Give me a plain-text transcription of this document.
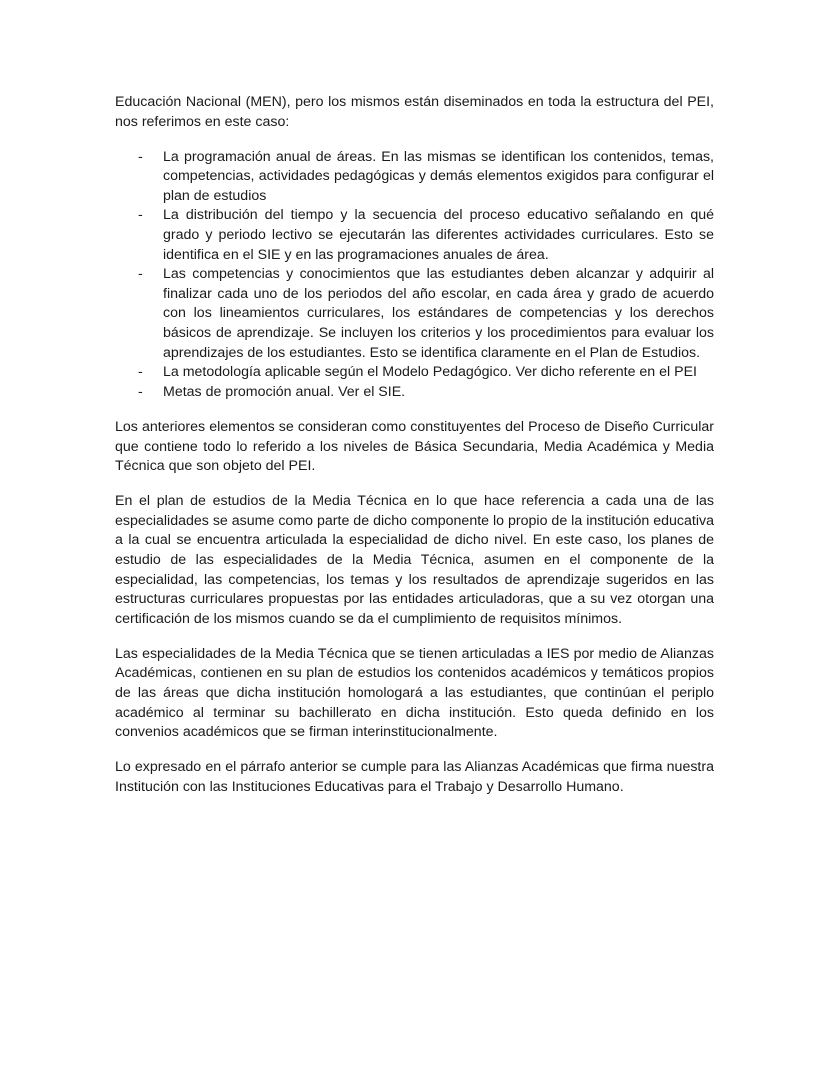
Educación Nacional (MEN), pero los mismos están diseminados en toda la estructura del PEI, nos referimos en este caso:

- La programación anual de áreas. En las mismas se identifican los contenidos, temas, competencias, actividades pedagógicas y demás elementos exigidos para configurar el plan de estudios
- La distribución del tiempo y la secuencia del proceso educativo señalando en qué grado y periodo lectivo se ejecutarán las diferentes actividades curriculares. Esto se identifica en el SIE y en las programaciones anuales de área.
- Las competencias y conocimientos que las estudiantes deben alcanzar y adquirir al finalizar cada uno de los periodos del año escolar, en cada área y grado de acuerdo con los lineamientos curriculares, los estándares de competencias y los derechos básicos de aprendizaje. Se incluyen los criterios y los procedimientos para evaluar los aprendizajes de los estudiantes. Esto se identifica claramente en el Plan de Estudios.
- La metodología aplicable según el Modelo Pedagógico. Ver dicho referente en el PEI
- Metas de promoción anual. Ver el SIE.

Los anteriores elementos se consideran como constituyentes del Proceso de Diseño Curricular que contiene todo lo referido a los niveles de Básica Secundaria, Media Académica y Media Técnica que son objeto del PEI.

En el plan de estudios de la Media Técnica en lo que hace referencia a cada una de las especialidades se asume como parte de dicho componente lo propio de la institución educativa a la cual se encuentra articulada la especialidad de dicho nivel. En este caso, los planes de estudio de las especialidades de la Media Técnica, asumen en el componente de la especialidad, las competencias, los temas y los resultados de aprendizaje sugeridos en las estructuras curriculares propuestas por las entidades articuladoras, que a su vez otorgan una certificación de los mismos cuando se da el cumplimiento de requisitos mínimos.

Las especialidades de la Media Técnica que se tienen articuladas a IES por medio de Alianzas Académicas, contienen en su plan de estudios los contenidos académicos y temáticos propios de las áreas que dicha institución homologará a las estudiantes, que continúan el periplo académico al terminar su bachillerato en dicha institución. Esto queda definido en los convenios académicos que se firman interinstitucionalmente.

Lo expresado en el párrafo anterior se cumple para las Alianzas Académicas que firma nuestra Institución con las Instituciones Educativas para el Trabajo y Desarrollo Humano.
